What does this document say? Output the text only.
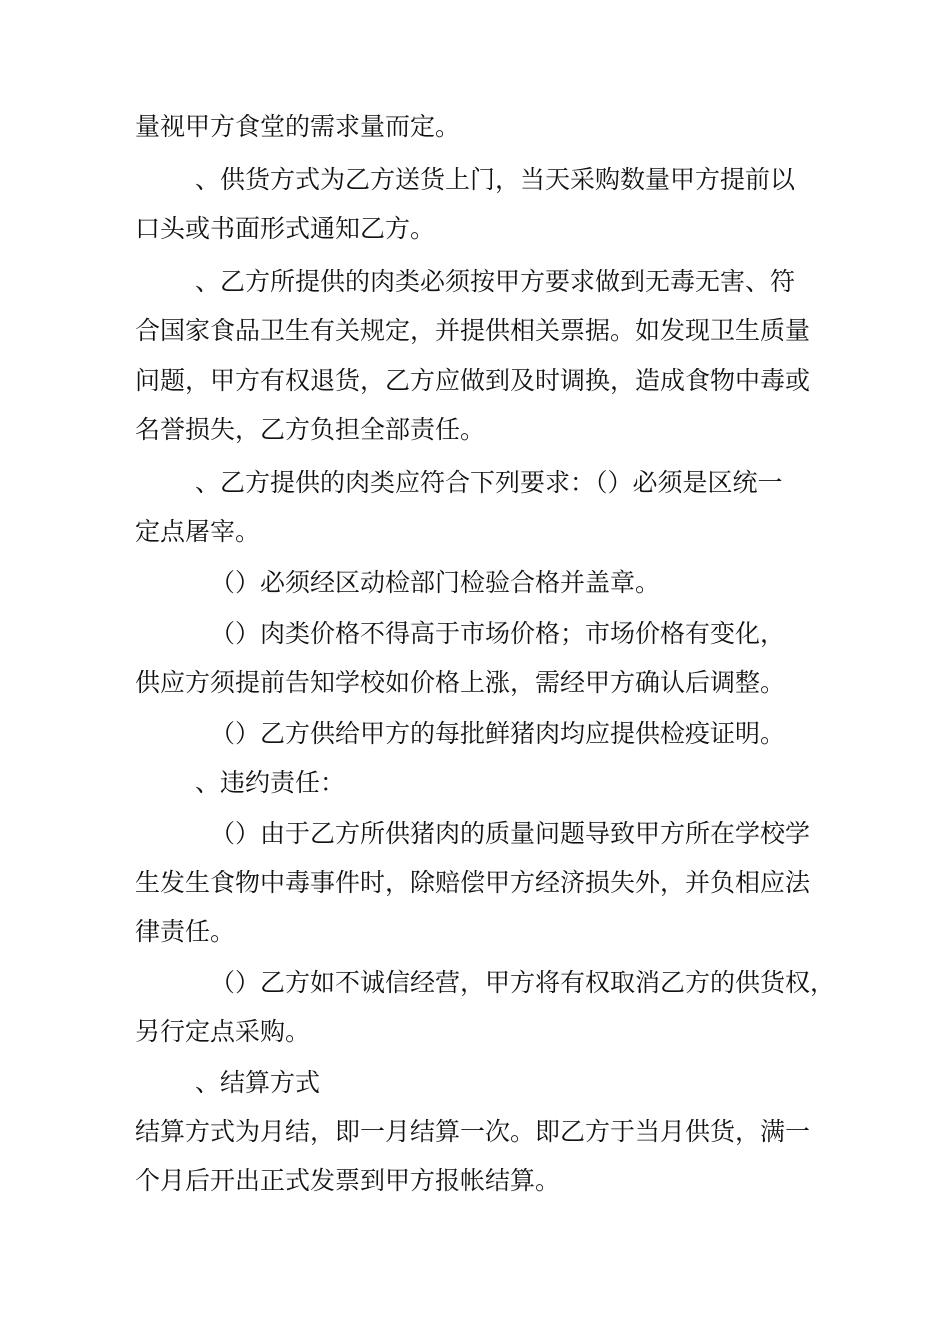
量视甲方食堂的需求量而定。
、供货方式为乙方送货上门，当天采购数量甲方提前以
口头或书面形式通知乙方。
、乙方所提供的肉类必须按甲方要求做到无毒无害、符
合国家食品卫生有关规定，并提供相关票据。如发现卫生质量
问题，甲方有权退货，乙方应做到及时调换，造成食物中毒或
名誉损失，乙方负担全部责任。
、乙方提供的肉类应符合下列要求：（）必须是区统一
定点屠宰。
（）必须经区动检部门检验合格并盖章。
（）肉类价格不得高于市场价格；市场价格有变化，
供应方须提前告知学校如价格上涨，需经甲方确认后调整。
（）乙方供给甲方的每批鲜猪肉均应提供检疫证明。
、违约责任：
（）由于乙方所供猪肉的质量问题导致甲方所在学校学
生发生食物中毒事件时，除赔偿甲方经济损失外，并负相应法
律责任。
（）乙方如不诚信经营，甲方将有权取消乙方的供货权，
另行定点采购。
、结算方式
结算方式为月结，即一月结算一次。即乙方于当月供货，满一
个月后开出正式发票到甲方报帐结算。
